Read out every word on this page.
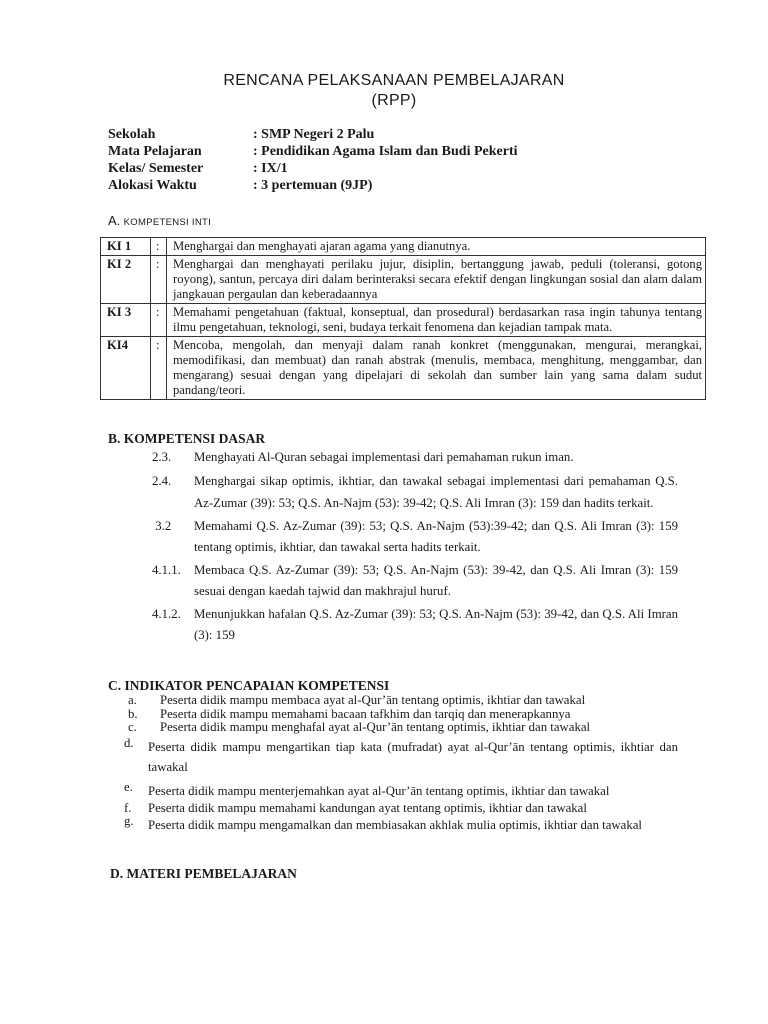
RENCANA PELAKSANAAN PEMBELAJARAN
(RPP)
Sekolah	: SMP Negeri 2 Palu
Mata Pelajaran	: Pendidikan Agama Islam dan Budi Pekerti
Kelas/ Semester	: IX/1
Alokasi Waktu	: 3 pertemuan (9JP)
A. KOMPETENSI INTI
KI 1	:	Menghargai dan menghayati ajaran agama yang dianutnya.
KI 2	:	Menghargai dan menghayati perilaku jujur, disiplin, bertanggung jawab, peduli (toleransi, gotong royong), santun, percaya diri dalam berinteraksi secara efektif dengan lingkungan sosial dan alam dalam jangkauan pergaulan dan keberadaannya
KI 3	:	Memahami pengetahuan (faktual, konseptual, dan prosedural) berdasarkan rasa ingin tahunya tentang ilmu pengetahuan, teknologi, seni, budaya terkait fenomena dan kejadian tampak mata.
KI4	:	Mencoba, mengolah, dan menyaji dalam ranah konkret (menggunakan, mengurai, merangkai, memodifikasi, dan membuat) dan ranah abstrak (menulis, membaca, menghitung, menggambar, dan mengarang) sesuai dengan yang dipelajari di sekolah dan sumber lain yang sama dalam sudut pandang/teori.
B. KOMPETENSI DASAR
2.3.	Menghayati Al-Quran sebagai implementasi dari pemahaman rukun iman.
2.4.	Menghargai sikap optimis, ikhtiar, dan tawakal sebagai implementasi dari pemahaman Q.S. Az-Zumar (39): 53; Q.S. An-Najm (53): 39-42; Q.S. Ali Imran (3): 159 dan hadits terkait.
3.2	Memahami Q.S. Az-Zumar (39): 53; Q.S. An-Najm (53):39-42; dan Q.S. Ali Imran (3): 159 tentang optimis, ikhtiar, dan tawakal serta hadits terkait.
4.1.1.	Membaca Q.S. Az-Zumar (39): 53; Q.S. An-Najm (53): 39-42, dan Q.S. Ali Imran (3): 159 sesuai dengan kaedah tajwid dan makhrajul huruf.
4.1.2.	Menunjukkan hafalan Q.S. Az-Zumar (39): 53; Q.S. An-Najm (53): 39-42, dan Q.S. Ali Imran (3): 159
C. INDIKATOR PENCAPAIAN KOMPETENSI
a.	Peserta didik mampu membaca ayat al-Qur’ān tentang optimis, ikhtiar dan tawakal
b.	Peserta didik mampu memahami bacaan tafkhim dan tarqiq dan menerapkannya
c.	Peserta didik mampu menghafal ayat al-Qur’ān tentang optimis, ikhtiar dan tawakal
d.	Peserta didik mampu mengartikan tiap kata (mufradat) ayat al-Qur’ān tentang optimis, ikhtiar dan tawakal
e.	Peserta didik mampu menterjemahkan ayat al-Qur’ān tentang optimis, ikhtiar dan tawakal
f.	Peserta didik mampu memahami kandungan ayat tentang optimis, ikhtiar dan tawakal
g.	Peserta didik mampu mengamalkan dan membiasakan akhlak mulia optimis, ikhtiar dan tawakal
D. MATERI PEMBELAJARAN
